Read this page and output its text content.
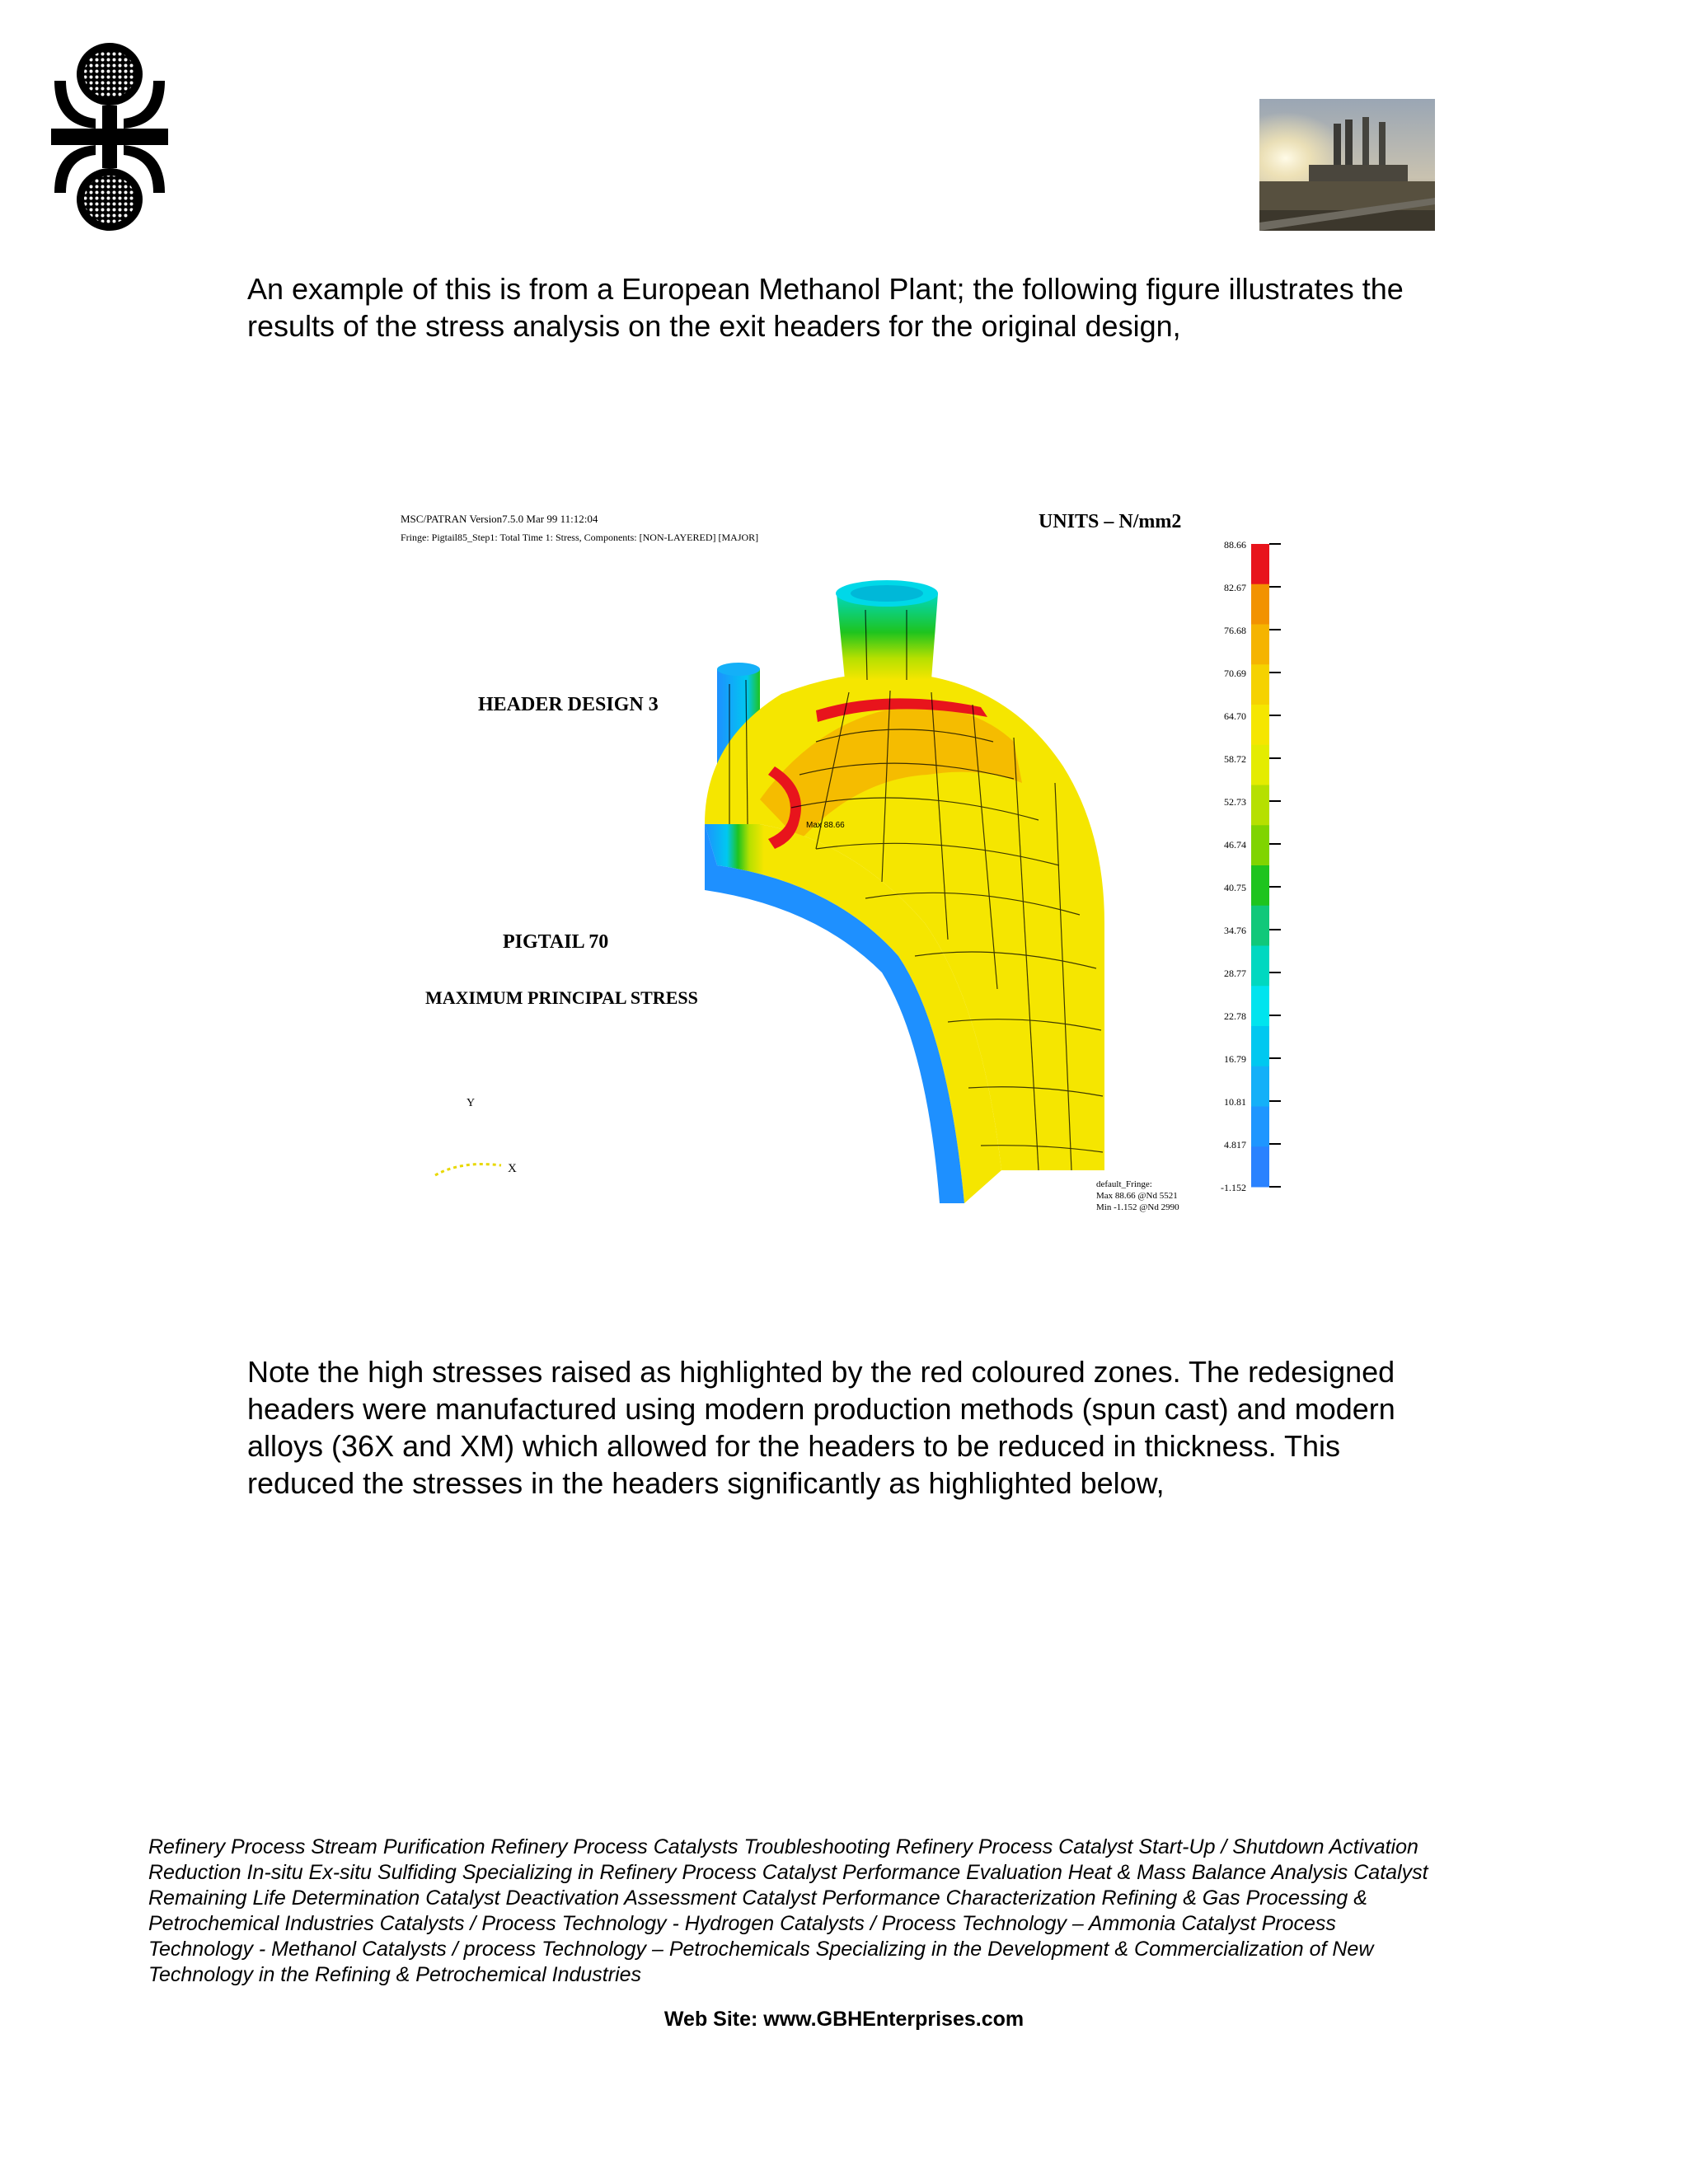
An example of this is from a European Methanol Plant; the following figure illustrates the results of the stress analysis on the exit headers for the original design,

MSC/PATRAN Version7.5.0 Mar 99 11:12:04
Fringe: Pigtail85_Step1: Total Time 1: Stress, Components: [NON-LAYERED] [MAJOR]
UNITS – N/mm2
HEADER DESIGN 3
PIGTAIL 70
MAXIMUM PRINCIPAL STRESS
Y
X
Max 88.66
88.66
82.67
76.68
70.69
64.70
58.72
52.73
46.74
40.75
34.76
28.77
22.78
16.79
10.81
4.817
-1.152
default_Fringe:
Max 88.66 @Nd 5521
Min -1.152 @Nd 2990

Note the high stresses raised as highlighted by the red coloured zones. The redesigned headers were manufactured using modern production methods (spun cast) and modern alloys (36X and XM) which allowed for the headers to be reduced in thickness. This reduced the stresses in the headers significantly as highlighted below,

Refinery Process Stream Purification Refinery Process Catalysts Troubleshooting Refinery Process Catalyst Start-Up / Shutdown Activation Reduction In-situ Ex-situ Sulfiding Specializing in Refinery Process Catalyst Performance Evaluation Heat & Mass Balance Analysis Catalyst Remaining Life Determination Catalyst Deactivation Assessment Catalyst Performance Characterization Refining & Gas Processing & Petrochemical Industries Catalysts / Process Technology - Hydrogen Catalysts / Process Technology – Ammonia Catalyst Process Technology - Methanol Catalysts / process Technology – Petrochemicals Specializing in the Development & Commercialization of New Technology in the Refining & Petrochemical Industries

Web Site: www.GBHEnterprises.com
